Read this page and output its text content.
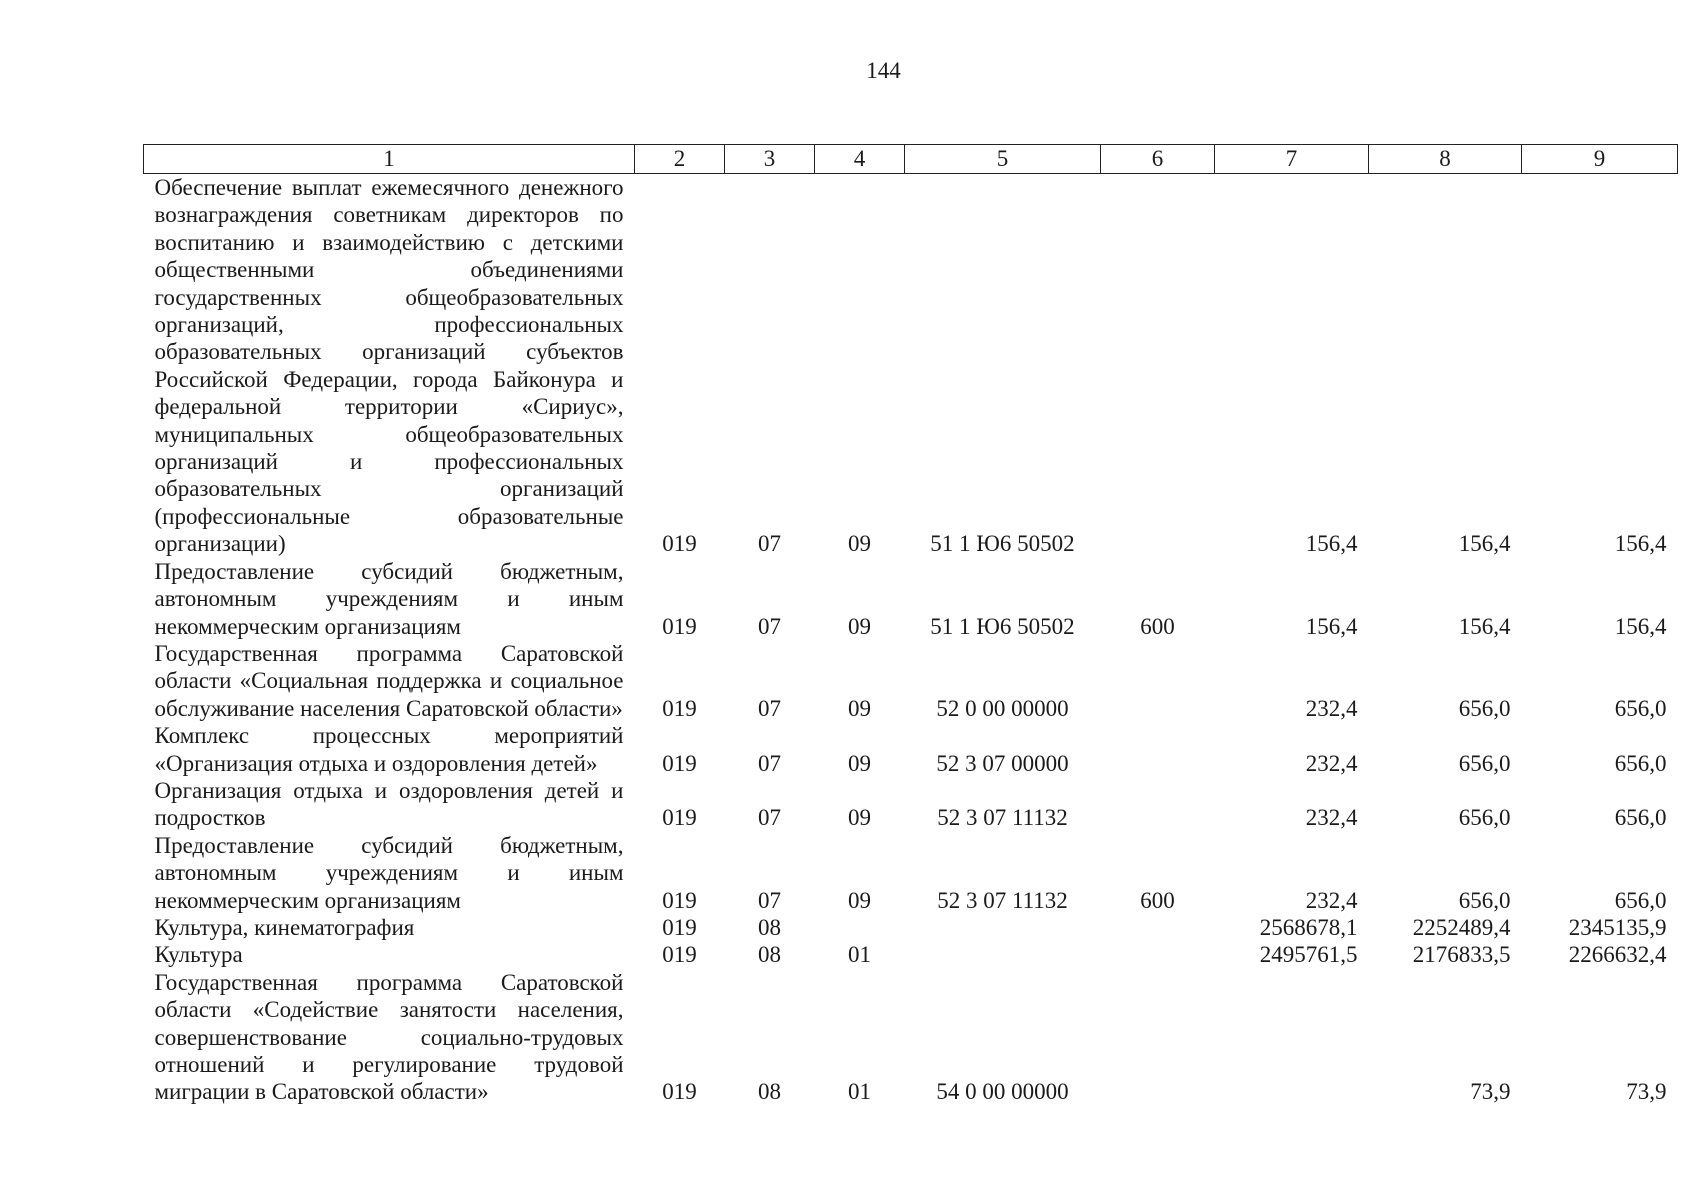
144
1	2	3	4	5	6	7	8	9
Обеспечение выплат ежемесячного денежного вознаграждения советникам директоров по воспитанию и взаимодействию с детскими общественными объединениями государственных общеобразовательных организаций, профессиональных образовательных организаций субъектов Российской Федерации, города Байконура и федеральной территории «Сириус», муниципальных общеобразовательных организаций и профессиональных образовательных организаций (профессиональные образовательные организации)	019	07	09	51 1 Ю6 50502		156,4	156,4	156,4
Предоставление субсидий бюджетным, автономным учреждениям и иным некоммерческим организациям	019	07	09	51 1 Ю6 50502	600	156,4	156,4	156,4
Государственная программа Саратовской области «Социальная поддержка и социальное обслуживание населения Саратовской области»	019	07	09	52 0 00 00000		232,4	656,0	656,0
Комплекс процессных мероприятий «Организация отдыха и оздоровления детей»	019	07	09	52 3 07 00000		232,4	656,0	656,0
Организация отдыха и оздоровления детей и подростков	019	07	09	52 3 07 11132		232,4	656,0	656,0
Предоставление субсидий бюджетным, автономным учреждениям и иным некоммерческим организациям	019	07	09	52 3 07 11132	600	232,4	656,0	656,0
Культура, кинематография	019	08				2568678,1	2252489,4	2345135,9
Культура	019	08	01			2495761,5	2176833,5	2266632,4
Государственная программа Саратовской области «Содействие занятости населения, совершенствование социально-трудовых отношений и регулирование трудовой миграции в Саратовской области»	019	08	01	54 0 00 00000			73,9	73,9
